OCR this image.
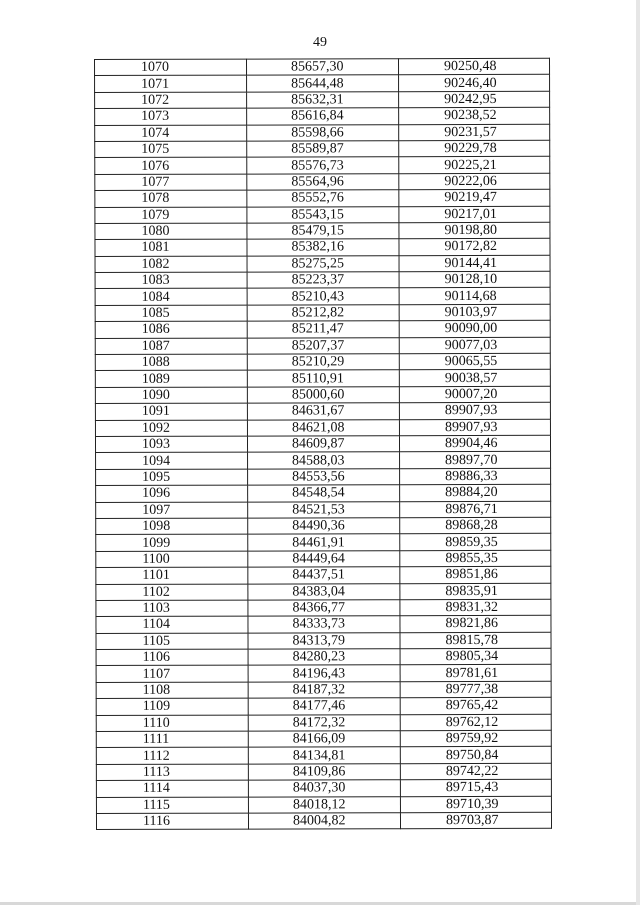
49
1070	85657,30	90250,48
1071	85644,48	90246,40
1072	85632,31	90242,95
1073	85616,84	90238,52
1074	85598,66	90231,57
1075	85589,87	90229,78
1076	85576,73	90225,21
1077	85564,96	90222,06
1078	85552,76	90219,47
1079	85543,15	90217,01
1080	85479,15	90198,80
1081	85382,16	90172,82
1082	85275,25	90144,41
1083	85223,37	90128,10
1084	85210,43	90114,68
1085	85212,82	90103,97
1086	85211,47	90090,00
1087	85207,37	90077,03
1088	85210,29	90065,55
1089	85110,91	90038,57
1090	85000,60	90007,20
1091	84631,67	89907,93
1092	84621,08	89907,93
1093	84609,87	89904,46
1094	84588,03	89897,70
1095	84553,56	89886,33
1096	84548,54	89884,20
1097	84521,53	89876,71
1098	84490,36	89868,28
1099	84461,91	89859,35
1100	84449,64	89855,35
1101	84437,51	89851,86
1102	84383,04	89835,91
1103	84366,77	89831,32
1104	84333,73	89821,86
1105	84313,79	89815,78
1106	84280,23	89805,34
1107	84196,43	89781,61
1108	84187,32	89777,38
1109	84177,46	89765,42
1110	84172,32	89762,12
1111	84166,09	89759,92
1112	84134,81	89750,84
1113	84109,86	89742,22
1114	84037,30	89715,43
1115	84018,12	89710,39
1116	84004,82	89703,87
